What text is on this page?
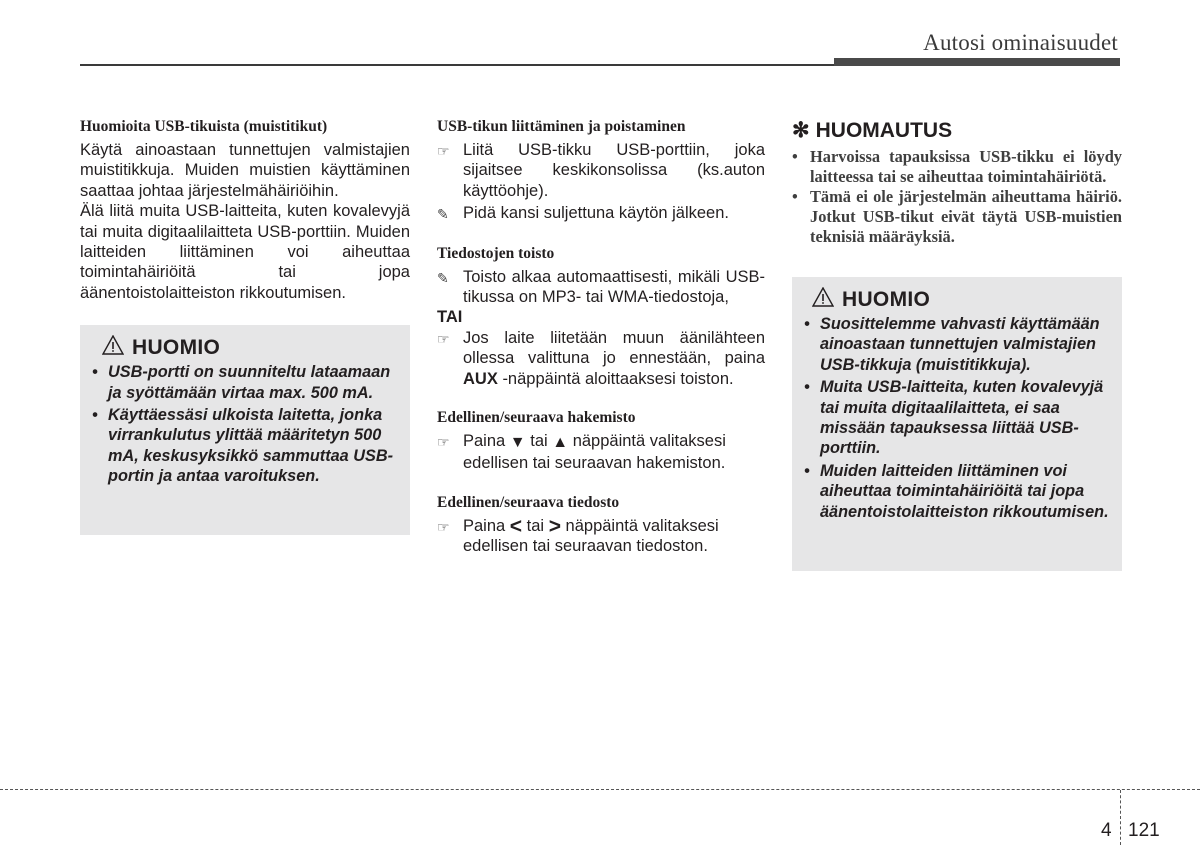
Autosi ominaisuudet
Huomioita USB-tikuista (muistitikut)

Käytä ainoastaan tunnettujen valmistajien muistitikkuja. Muiden muistien käyttäminen saattaa johtaa järjestelmähäiriöihin.

Älä liitä muita USB-laitteita, kuten kovalevyjä tai muita digitaalilaitteta USB-porttiin. Muiden laitteiden liittäminen voi aiheuttaa toimintahäiriöitä tai jopa äänentoistolaitteiston rikkoutumisen.

HUOMIO
• USB-portti on suunniteltu lataamaan ja syöttämään virtaa max. 500 mA.
• Käyttäessäsi ulkoista laitetta, jonka virrankulutus ylittää määritetyn 500 mA, keskusyksikkö sammuttaa USB-portin ja antaa varoituksen.
USB-tikun liittäminen ja poistaminen
☞ Liitä USB-tikku USB-porttiin, joka sijaitsee keskikonsolissa (ks.auton käyttöohje).
✎ Pidä kansi suljettuna käytön jälkeen.
Tiedostojen toisto
✎ Toisto alkaa automaattisesti, mikäli USB-tikussa on MP3- tai WMA-tiedostoja,
TAI
☞ Jos laite liitetään muun äänilähteen ollessa valittuna jo ennestään, paina AUX -näppäintä aloittaaksesi toiston.
Edellinen/seuraava hakemisto
☞ Paina ▼ tai ▲ näppäintä valitaksesi edellisen tai seuraavan hakemiston.
Edellinen/seuraava tiedosto
☞ Paina < tai > näppäintä valitaksesi edellisen tai seuraavan tiedoston.
✻ HUOMAUTUS
• Harvoissa tapauksissa USB-tikku ei löydy laitteessa tai se aiheuttaa toimintahäiriötä.
• Tämä ei ole järjestelmän aiheuttama häiriö. Jotkut USB-tikut eivät täytä USB-muistien teknisiä määräyksiä.
HUOMIO
• Suosittelemme vahvasti käyttämään ainoastaan tunnettujen valmistajien USB-tikkuja (muistitikkuja).
• Muita USB-laitteita, kuten kovalevyjä tai muita digitaalilaitteta, ei saa missään tapauksessa liittää USB-porttiin.
• Muiden laitteiden liittäminen voi aiheuttaa toimintahäiriöitä tai jopa äänentoistolaitteiston rikkoutumisen.
4 121
